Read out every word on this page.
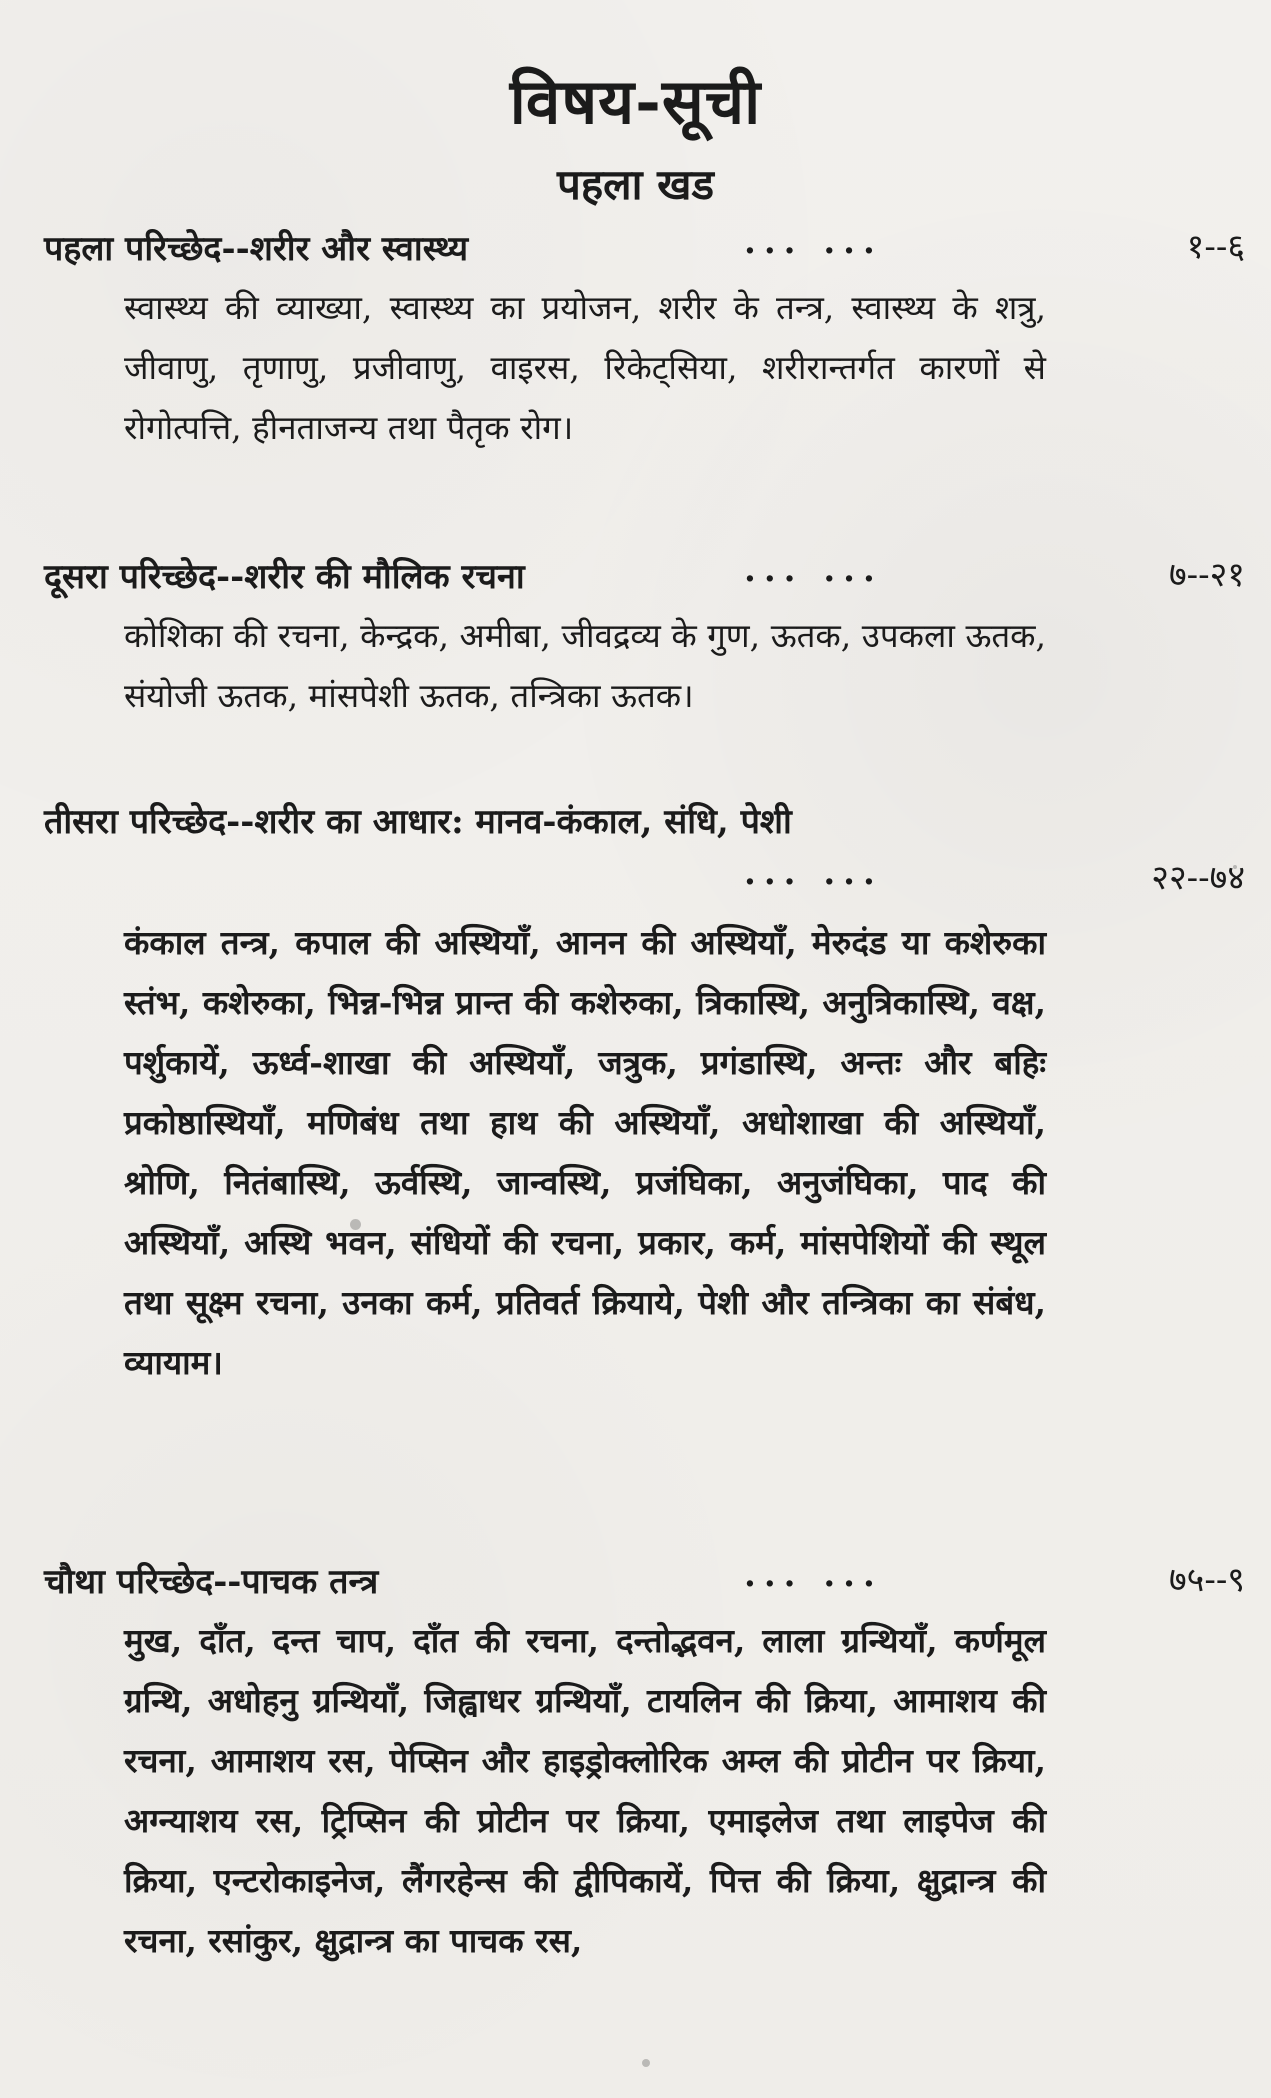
विषय-सूची
पहला खड
पहला परिच्छेद--शरीर और स्वास्थ्य	... ...	१--६
स्वास्थ्य की व्याख्या, स्वास्थ्य का प्रयोजन, शरीर के तन्त्र, स्वास्थ्य के शत्रु, जीवाणु, तृणाणु, प्रजीवाणु, वाइरस, रिकेट्सिया, शरीरान्तर्गत कारणों से रोगोत्पत्ति, हीनताजन्य तथा पैतृक रोग।
दूसरा परिच्छेद--शरीर की मौलिक रचना	... ...	७--२१
कोशिका की रचना, केन्द्रक, अमीबा, जीवद्रव्य के गुण, ऊतक, उपकला ऊतक, संयोजी ऊतक, मांसपेशी ऊतक, तन्त्रिका ऊतक।
तीसरा परिच्छेद--शरीर का आधार: मानव-कंकाल, संधि, पेशी
... ...	२२--७४
कंकाल तन्त्र, कपाल की अस्थियाँ, आनन की अस्थियाँ, मेरुदंड या कशेरुका स्तंभ, कशेरुका, भिन्न-भिन्न प्रान्त की कशेरुका, त्रिकास्थि, अनुत्रिकास्थि, वक्ष, पर्शुकायें, ऊर्ध्व-शाखा की अस्थियाँ, जत्रुक, प्रगंडास्थि, अन्तः और बहिः प्रकोष्ठास्थियाँ, मणिबंध तथा हाथ की अस्थियाँ, अधोशाखा की अस्थियाँ, श्रोणि, नितंबास्थि, ऊर्वस्थि, जान्वस्थि, प्रजंघिका, अनुजंघिका, पाद की अस्थियाँ, अस्थि भवन, संधियों की रचना, प्रकार, कर्म, मांसपेशियों की स्थूल तथा सूक्ष्म रचना, उनका कर्म, प्रतिवर्त क्रियाये, पेशी और तन्त्रिका का संबंध, व्यायाम।
चौथा परिच्छेद--पाचक तन्त्र	... ...	७५--९
मुख, दाँत, दन्त चाप, दाँत की रचना, दन्तोद्भवन, लाला ग्रन्थियाँ, कर्णमूल ग्रन्थि, अधोहनु ग्रन्थियाँ, जिह्वाधर ग्रन्थियाँ, टायलिन की क्रिया, आमाशय की रचना, आमाशय रस, पेप्सिन और हाइड्रोक्लोरिक अम्ल की प्रोटीन पर क्रिया, अग्न्याशय रस, ट्रिप्सिन की प्रोटीन पर क्रिया, एमाइलेज तथा लाइपेज की क्रिया, एन्टरोकाइनेज, लैंगरहेन्स की द्वीपिकायें, पित्त की क्रिया, क्षुद्रान्त्र की रचना, रसांकुर, क्षुद्रान्त्र का पाचक रस,
